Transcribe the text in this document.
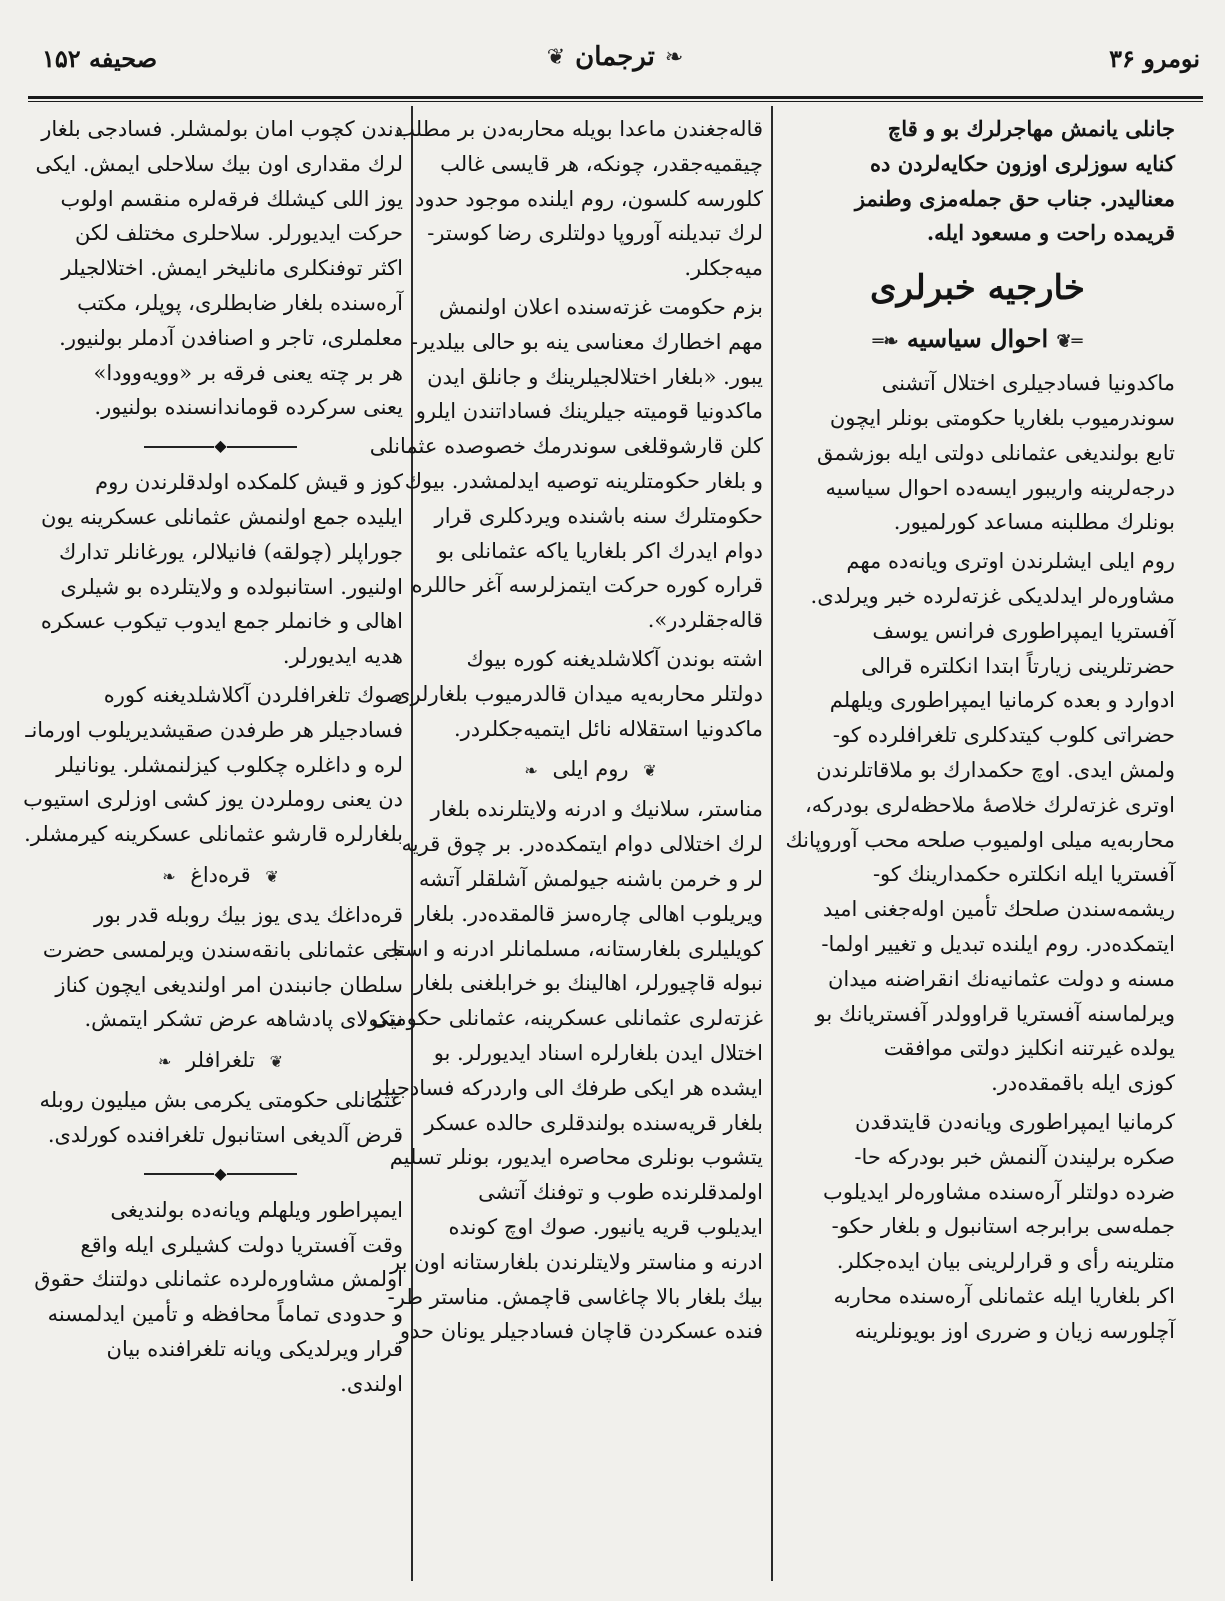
نومرو ۳۶
❦ ترجمان ❧
صحیفه ۱۵۲
جانلی یانمش مهاجرلرك بو و قاچ
كنایه سوزلری اوزون حكایه‌لردن ده
معنالیدر. جناب حق جمله‌مزی وطنمز
قریمده راحت و مسعود ایله.
خارجیه خبرلری
═❦ احوال سیاسیه ❧═
ماكدونیا فسادجیلری اختلال آتشنی
سوندرمیوب بلغاریا حكومتی بونلر ایچون
تابع بولندیغی عثمانلی دولتی ایله بوزشمق
درجه‌لرینه واریبور ایسه‌ده احوال سیاسیه
بونلرك مطلبنه مساعد كورلمیور.
روم ایلی ایشلرندن اوتری ویانه‌ده مهم
مشاوره‌لر ایدلدیكی غزته‌لرده خبر ویرلدی.
آفستریا ایمپراطوری فرانس یوسف
حضرتلرینی زیارتاً ابتدا انكلتره قرالی
ادوارد و بعده كرمانیا ایمپراطوری ویلهلم
حضراتی كلوب كیتدكلری تلغرافلرده كو-
ولمش ایدی. اوچ حكمدارك بو ملاقاتلرندن
اوتری غزته‌لرك خلاصهٔ ملاحظه‌لری بودركه،
محاربه‌یه میلی اولمیوب صلحه محب آورو‌پانك
آفستریا ایله انكلتره حكمدارینك كو-
ریشمه‌سندن صلحك تأمین اوله‌جغنی امید
ایتمكده‌در. روم ایلنده تبدیل و تغییر اولما-
مسنه و دولت عثمانیه‌نك انقراضنه میدان
ویرلماسنه آفستریا قراوولدر آفستریانك بو
یولده غیرتنه انكلیز دولتی موافقت
كوزی ایله باقمقده‌در.
كرمانیا ایمپراطوری ویانه‌دن قایتدقدن
صكره برلیندن آلنمش خبر بودركه حا-
ضرده دولتلر آره‌سنده مشاوره‌لر ایدیلوب
جمله‌سی برابرجه استانبول و بلغار حكو-
متلرینه رأی و قرارلرینی بیان ایده‌جكلر.
اكر بلغاریا ایله عثمانلی آره‌سنده محاربه
آچلورسه زیان و ضرری اوز بویونلرینه
قاله‌جغندن ماعدا بویله محاربه‌دن بر مطلب
چیقمیه‌جقدر، چونكه، هر قایسی غالب
كلورسه كلسون، روم ایلنده موجود حدود
لرك تبدیلنه آورو‌پا دولتلری رضا كوستر-
میه‌جكلر.
بزم حكومت غزته‌سنده اعلان اولنمش
مهم اخطارك معناسی ینه بو حالی بیلدیر-
یبور. «بلغار اختلالجیلرینك و جانلق ایدن
ماكدونیا قومیته جیلرینك فساداتندن ایلرو
كلن قارشوقلغی سوندرمك خصوصده عثمانلی
و بلغار حكومتلرینه توصیه ایدلمشدر. بیوك
حكومتلرك سنه باشنده ویردكلری قرار
دوام ایدرك اكر بلغاریا یاكه عثمانلی بو
قراره كوره حركت ایتمزلرسه آغر حاللره
قاله‌جقلردر».
اشته بوندن آكلاشلدیغنه كوره بیوك
دولتلر محاربه‌یه میدان قالدرمیوب بلغارلری
ماكدونیا استقلاله نائل ایتمیه‌جكلردر.
❦ روم ایلی ❧
مناستر، سلانیك و ادرنه ولایتلرنده بلغار
لرك اختلالی دوام ایتمكده‌در. بر چوق قریه
لر و خرمن باشنه جیولمش آشلقلر آتشه
ویریلوب اهالی چاره‌سز قالمقده‌در. بلغار
كویلیلری بلغارستانه، مسلمانلر ادرنه و استا-
نبوله قاچیورلر، اهالینك بو خرابلغنی بلغار
غزته‌لری عثمانلی عسكرینه، عثمانلی حكومتی
اختلال ایدن بلغارلره اسناد ایدیورلر. بو
ایشده هر ایكی طرفك الی واردركه فسادجیلر
بلغار قریه‌سنده بولندقلری حالده عسكر
یتشوب بونلری محاصره ایدیور، بونلر تسلیم
اولمدقلرنده طوب و توفنك آتشی
ایدیلوب قریه یانیور. صوك اوچ كونده
ادرنه و مناستر ولایتلرندن بلغارستانه اون بر
بیك بلغار بالا چاغاسی قاچمش. مناستر طر-
فنده عسكردن قاچان فسادجیلر یونان حدو
دندن كچوب امان بولمشلر. فسادجی بلغار
لرك مقداری اون بیك سلاحلی ایمش. ایكی
یوز اللی كیشلك فرقه‌لره منقسم اولوب
حركت ایدیورلر. سلاحلری مختلف لكن
اكثر توفنكلری مانلیخر ایمش. اختلالجیلر
آره‌سنده بلغار ضابطلری، پوپلر، مكتب
معلملری، تاجر و اصنافدن آدملر بولنیور.
هر بر چته یعنی فرقه بر «وویه‌وودا»
یعنی سركرده قوماندانسنده بولنیور.
◆
كوز و قیش كلمكده اولدقلرندن روم
ایلیده جمع اولنمش عثمانلی عسكرینه یون
جوراپلر (چولقه) فانیلالر، یورغانلر تدارك
اولنیور. استانبولده و ولایتلرده بو شیلری
اهالی و خانملر جمع ایدوب تیكوب عسكره
هدیه ایدیورلر.
صوك تلغرافلردن آكلاشلدیغنه كوره
فسادجیلر هر طرفدن صقیشدیریلوب اورمانـ
لره و داغلره چكلوب كیزلنمشلر. یونانیلر
دن یعنی روملردن یوز كشی اوزلری استیوب
بلغارلره قارشو عثمانلی عسكرینه كیرمشلر.
❦ قره‌داغ ❧
قره‌داغك یدی یوز بیك روبله قدر بور
جی عثمانلی بانقه‌سندن ویرلمسی حضرت
سلطان جانبندن امر اولندیغی ایچون كناز
نیكولای پادشاهه عرض تشكر ایتمش.
❦ تلغرافلر ❧
عثمانلی حكومتی یكرمی بش میلیون روبله
قرض آلدیغی استانبول تلغرافنده كورلدی.
◆
ایمپراطور ویلهلم ویانه‌ده بولندیغی
وقت آفستریا دولت كشیلری ایله واقع
اولمش مشاوره‌لرده عثمانلی دولتنك حقوق
و حدودی تماماً محافظه و تأمین ایدلمسنه
قرار ویرلدیكی ویانه تلغرافنده بیان
اولندی.
